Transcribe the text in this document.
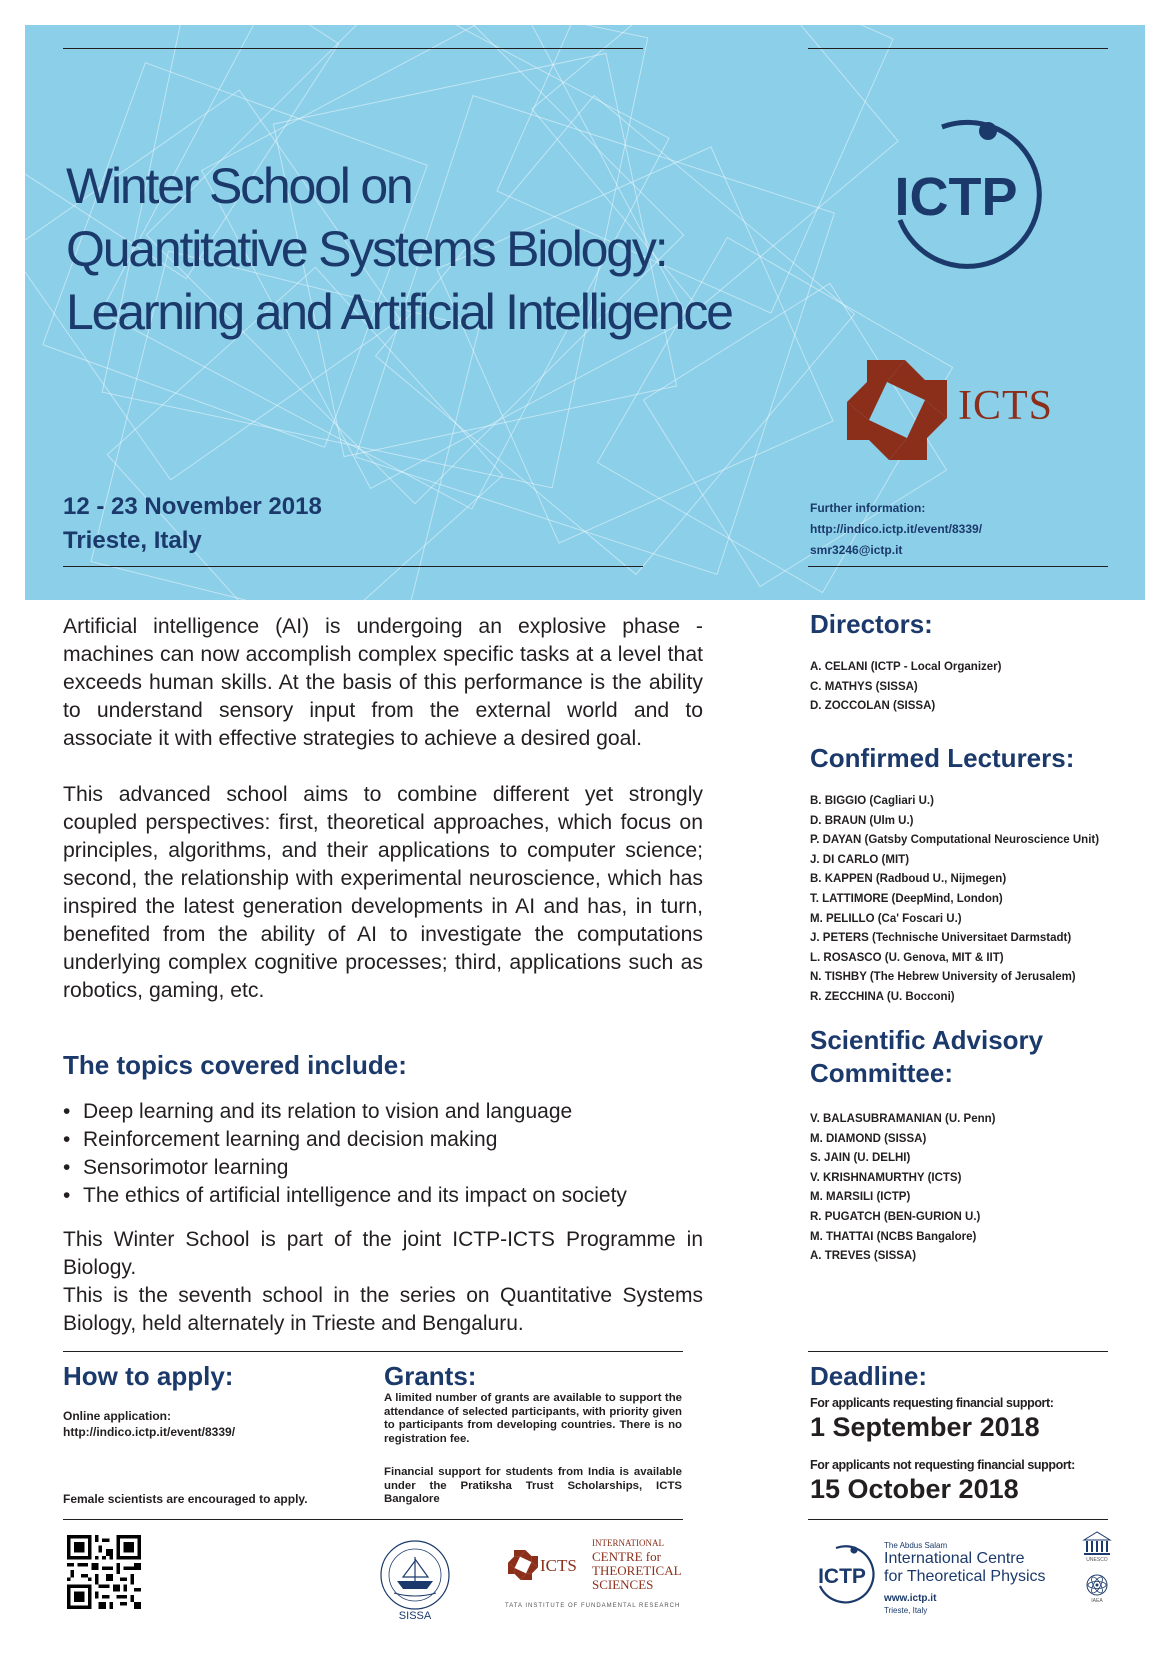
Winter School on
Quantitative Systems Biology:
Learning and Artificial Intelligence
ICTP
ICTS
12 - 23 November 2018
Trieste, Italy
Further information:
http://indico.ictp.it/event/8339/
smr3246@ictp.it

Artificial intelligence (AI) is undergoing an explosive phase - machines can now accomplish complex specific tasks at a level that exceeds human skills. At the basis of this performance is the ability to understand sensory input from the external world and to associate it with effective strategies to achieve a desired goal.

This advanced school aims to combine different yet strongly coupled perspectives: first, theoretical approaches, which focus on principles, algorithms, and their applications to computer science; second, the relationship with experimental neuroscience, which has inspired the latest generation developments in AI and has, in turn, benefited from the ability of AI to investigate the computations underlying complex cognitive processes; third, applications such as robotics, gaming, etc.

The topics covered include:
• Deep learning and its relation to vision and language
• Reinforcement learning and decision making
• Sensorimotor learning
• The ethics of artificial intelligence and its impact on society

This Winter School is part of the joint ICTP-ICTS Programme in Biology.

This is the seventh school in the series on Quantitative Systems Biology, held alternately in Trieste and Bengaluru.

Directors:
A. CELANI (ICTP - Local Organizer)
C. MATHYS (SISSA)
D. ZOCCOLAN (SISSA)
Confirmed Lecturers:
B. BIGGIO (Cagliari U.)
D. BRAUN (Ulm U.)
P. DAYAN (Gatsby Computational Neuroscience Unit)
J. DI CARLO (MIT)
B. KAPPEN (Radboud U., Nijmegen)
T. LATTIMORE (DeepMind, London)
M. PELILLO (Ca' Foscari U.)
J. PETERS (Technische Universitaet Darmstadt)
L. ROSASCO (U. Genova, MIT & IIT)
N. TISHBY (The Hebrew University of Jerusalem)
R. ZECCHINA (U. Bocconi)
Scientific Advisory
Committee:
V. BALASUBRAMANIAN (U. Penn)
M. DIAMOND (SISSA)
S. JAIN (U. DELHI)
V. KRISHNAMURTHY (ICTS)
M. MARSILI (ICTP)
R. PUGATCH (BEN-GURION U.)
M. THATTAI (NCBS Bangalore)
A. TREVES (SISSA)
How to apply:
Online application:
http://indico.ictp.it/event/8339/
Female scientists are encouraged to apply.
Grants:

A limited number of grants are available to support the attendance of selected participants, with priority given to participants from developing countries. There is no registration fee.

Financial support for students from India is available under the Pratiksha Trust Scholarships, ICTS Bangalore

Deadline:
For applicants requesting financial support:
1 September 2018
For applicants not requesting financial support:
15 October 2018
SISSA
ICTS
INTERNATIONAL
CENTRE for
THEORETICAL
SCIENCES
TATA INSTITUTE OF FUNDAMENTAL RESEARCH
ICTP
The Abdus Salam
International Centre
for Theoretical Physics
www.ictp.it
Trieste, Italy
UNESCO
IAEA
